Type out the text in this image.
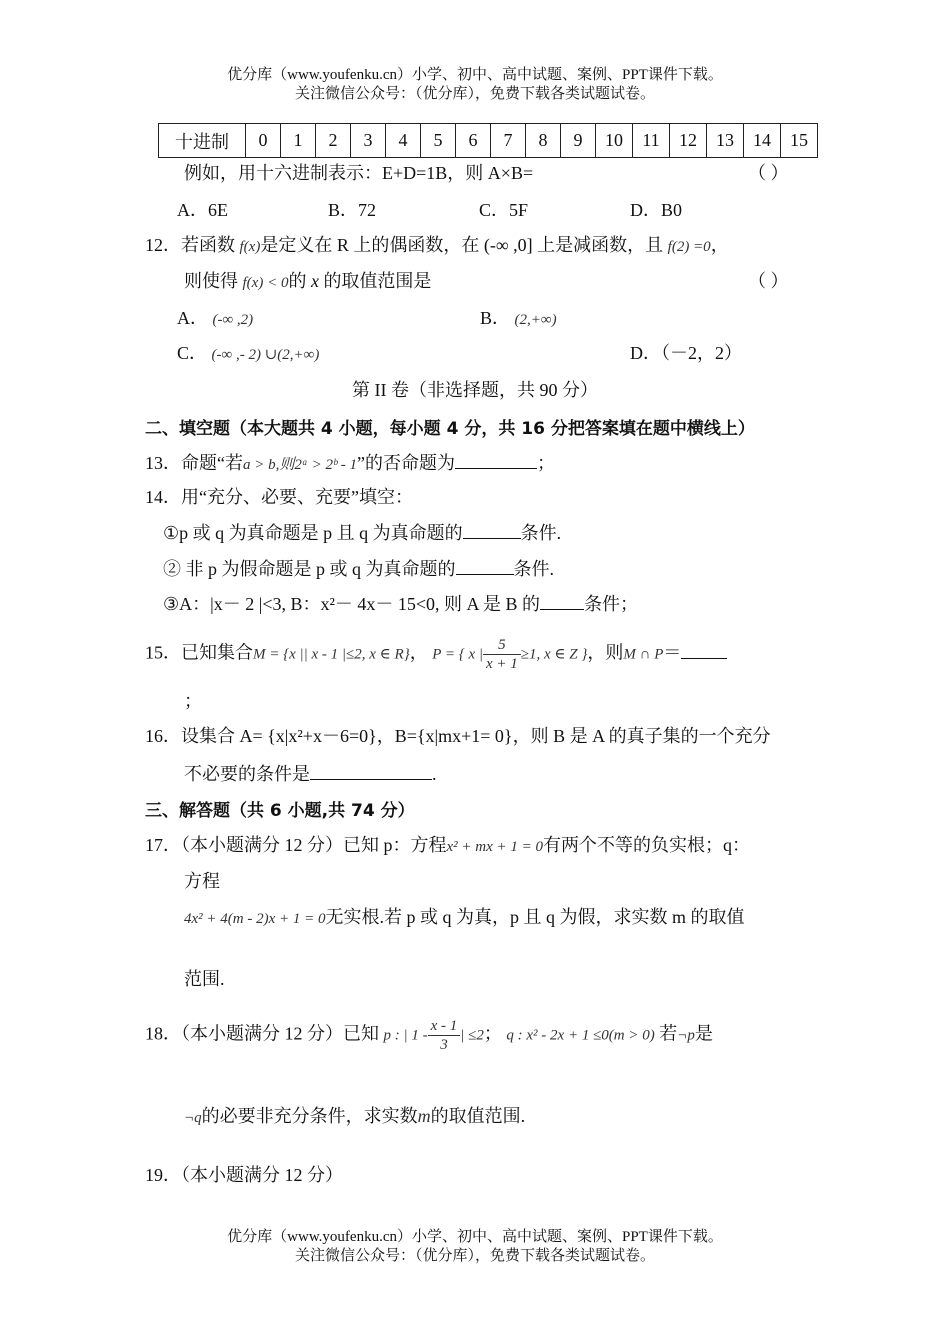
优分库（www.youfenku.cn）小学、初中、高中试题、案例、PPT课件下载。
关注微信公众号：（优分库），免费下载各类试题试卷。
十进制	0	1	2	3	4	5	6	7	8	9	10	11	12	13	14	15
例如，用十六进制表示：E+D=1B，则 A×B=	（ ）
A．6E	B．72	C．5F	D．B0
12．若函数 f(x)是定义在 R 上的偶函数，在 (-∞ ,0] 上是减函数，且 f(2) =0，
则使得 f(x) < 0的 x 的取值范围是	（ ）
A． (-∞ ,2)	B． (2,+∞)
C． (-∞ ,- 2) ∪(2,+∞)	D．（－2，2）
第 II 卷（非选择题，共 90 分）
二、填空题（本大题共 4 小题，每小题 4 分，共 16 分把答案填在题中横线上）
13．命题“若a > b,则2ᵃ > 2ᵇ - 1”的否命题为	；
14．用“充分、必要、充要”填空：
①p 或 q 为真命题是 p 且 q 为真命题的	条件.
② 非 p 为假命题是 p 或 q 为真命题的	条件.
③A：|x－ 2 |<3, B：x²－ 4x－ 15<0, 则 A 是 B 的 条件；
15．已知集合M = {x || x - 1 |≤2, x ∈ R}， P = { x | $\frac{5}{x + 1} \ge 1$, x ∈ Z }，则M ∩ P＝
；
16．设集合 A= {x|x²+x－6=0}，B={x|mx+1= 0}，则 B 是 A 的真子集的一个充分
不必要的条件是	.
三、解答题（共 6 小题,共 74 分）
17．（本小题满分 12 分）已知 p：方程x² + mx + 1 = 0有两个不等的负实根；q：
方程
4x² + 4(m - 2)x + 1 = 0无实根.若 p 或 q 为真，p 且 q 为假，求实数 m 的取值
范围.
18．（本小题满分 12 分）已知 p : | $1 - \frac{x - 1}{3}$ | ≤2； q : x² - 2x + 1 ≤0(m > 0) 若¬p是
¬q的必要非充分条件，求实数m的取值范围.
19．（本小题满分 12 分）
优分库（www.youfenku.cn）小学、初中、高中试题、案例、PPT课件下载。
关注微信公众号：（优分库），免费下载各类试题试卷。
